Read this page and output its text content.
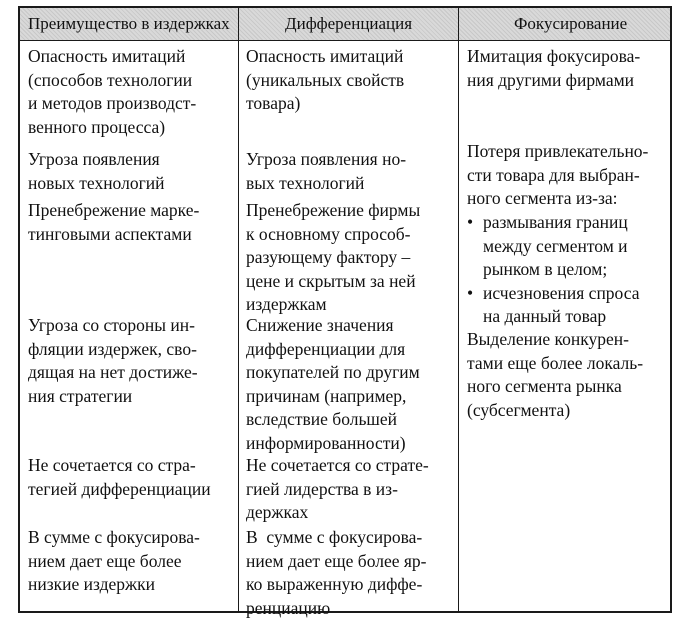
Преимущество в издержках	Дифференциация	Фокусирование
Опасность имитаций
(способов технологии
и методов производст-
венного процесса)
Угроза появления
новых технологий
Пренебрежение марке-
тинговыми аспектами
Угроза со стороны ин-
фляции издержек, сво-
дящая на нет достиже-
ния стратегии
Не сочетается со стра-
тегией дифференциации
В сумме с фокусирова-
нием дает еще более
низкие издержки
Опасность имитаций
(уникальных свойств
товара)
Угроза появления но-
вых технологий
Пренебрежение фирмы
к основному спрособ-
разующему фактору –
цене и скрытым за ней
издержкам
Снижение значения
дифференциации для
покупателей по другим
причинам (например,
вследствие большей
информированности)
Не сочетается со страте-
гией лидерства в из-
держках
В  сумме с фокусирова-
нием дает еще более яр-
ко выраженную диффе-
ренциацию
Имитация фокусирова-
ния другими фирмами
Потеря привлекательно-
сти товара для выбран-
ного сегмента из-за:
• размывания границ
между сегментом и
рынком в целом;
• исчезновения спроса
на данный товар
Выделение конкурен-
тами еще более локаль-
ного сегмента рынка
(субсегмента)
